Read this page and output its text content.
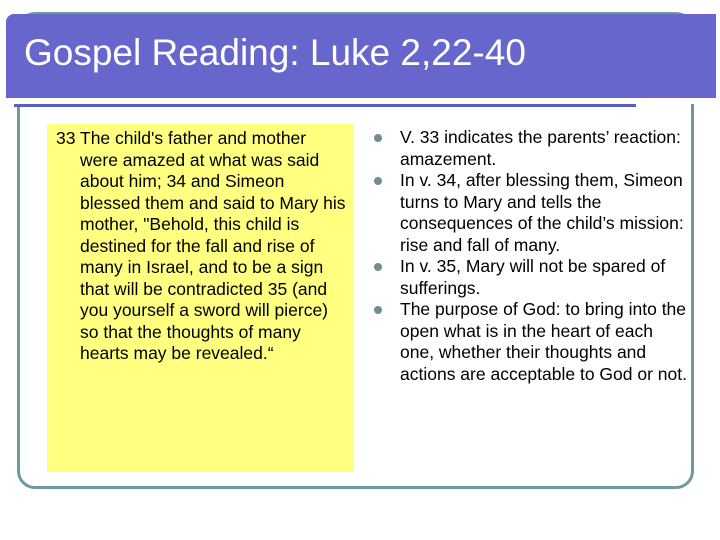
Gospel Reading: Luke 2,22-40

33 The child's father and mother were amazed at what was said about him; 34 and Simeon blessed them and said to Mary his mother, "Behold, this child is destined for the fall and rise of many in Israel, and to be a sign that will be contradicted 35 (and you yourself a sword will pierce) so that the thoughts of many hearts may be revealed.“

V. 33 indicates the parents’ reaction: amazement.
In v. 34, after blessing them, Simeon turns to Mary and tells the consequences of the child’s mission: rise and fall of many.
In v. 35, Mary will not be spared of sufferings.
The purpose of God: to bring into the open what is in the heart of each one, whether their thoughts and actions are acceptable to God or not.
